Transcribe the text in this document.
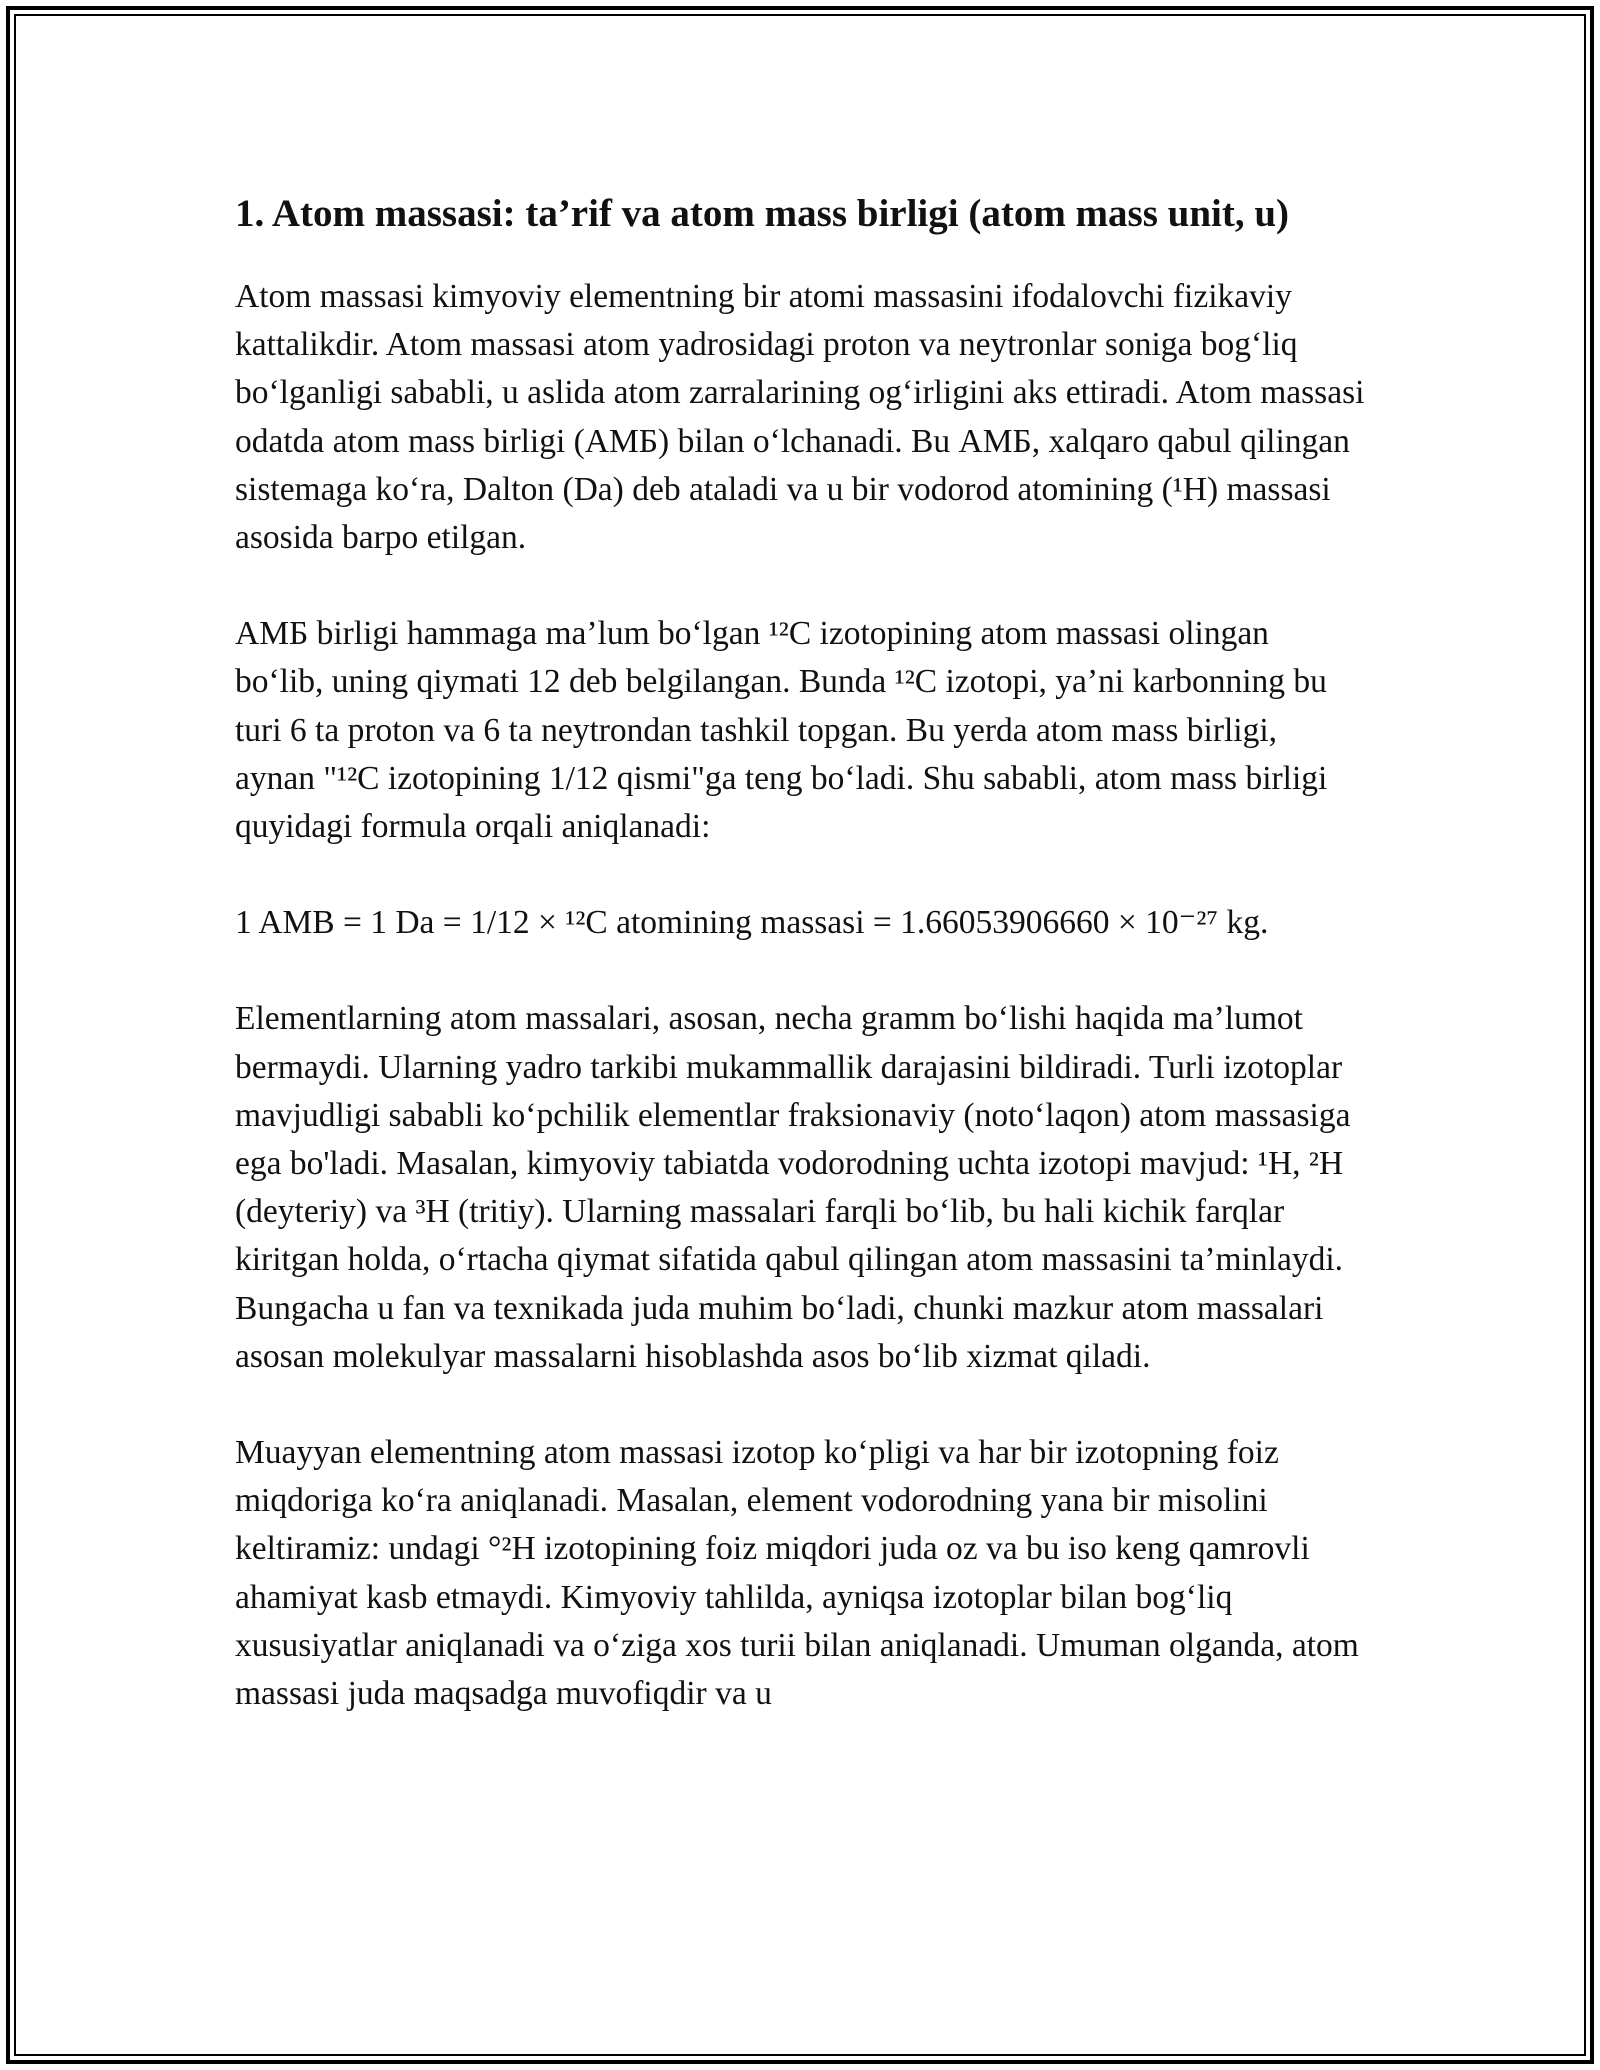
1. Atom massasi: ta’rif va atom mass birligi (atom mass unit, u)

Atom massasi kimyoviy elementning bir atomi massasini ifodalovchi fizikaviy kattalikdir. Atom massasi atom yadrosidagi proton va neytronlar soniga bog‘liq bo‘lganligi sababli, u aslida atom zarralarining og‘irligini aks ettiradi. Atom massasi odatda atom mass birligi (АМБ) bilan o‘lchanadi. Bu АМБ, xalqaro qabul qilingan sistemaga ko‘ra, Dalton (Da) deb ataladi va u bir vodorod atomining (¹H) massasi asosida barpo etilgan.

АМБ birligi hammaga ma’lum bo‘lgan ¹²C izotopining atom massasi olingan bo‘lib, uning qiymati 12 deb belgilangan. Bunda ¹²C izotopi, ya’ni karbonning bu turi 6 ta proton va 6 ta neytrondan tashkil topgan. Bu yerda atom mass birligi, aynan "¹²C izotopining 1/12 qismi"ga teng bo‘ladi. Shu sababli, atom mass birligi quyidagi formula orqali aniqlanadi:

1 AMB = 1 Da = 1/12 × ¹²C atomining massasi = 1.66053906660 × 10⁻²⁷ kg.

Elementlarning atom massalari, asosan, necha gramm bo‘lishi haqida ma’lumot bermaydi. Ularning yadro tarkibi mukammallik darajasini bildiradi. Turli izotoplar mavjudligi sababli ko‘pchilik elementlar fraksionaviy (noto‘laqon) atom massasiga ega bo'ladi. Masalan, kimyoviy tabiatda vodorodning uchta izotopi mavjud: ¹H, ²H (deyteriy) va ³H (tritiy). Ularning massalari farqli bo‘lib, bu hali kichik farqlar kiritgan holda, o‘rtacha qiymat sifatida qabul qilingan atom massasini ta’minlaydi. Bungacha u fan va texnikada juda muhim bo‘ladi, chunki mazkur atom massalari asosan molekulyar massalarni hisoblashda asos bo‘lib xizmat qiladi.

Muayyan elementning atom massasi izotop ko‘pligi va har bir izotopning foiz miqdoriga ko‘ra aniqlanadi. Masalan, element vodorodning yana bir misolini keltiramiz: undagi °²H izotopining foiz miqdori juda oz va bu iso keng qamrovli ahamiyat kasb etmaydi. Kimyoviy tahlilda, ayniqsa izotoplar bilan bog‘liq xususiyatlar aniqlanadi va o‘ziga xos turii bilan aniqlanadi. Umuman olganda, atom massasi juda maqsadga muvofiqdir va u
